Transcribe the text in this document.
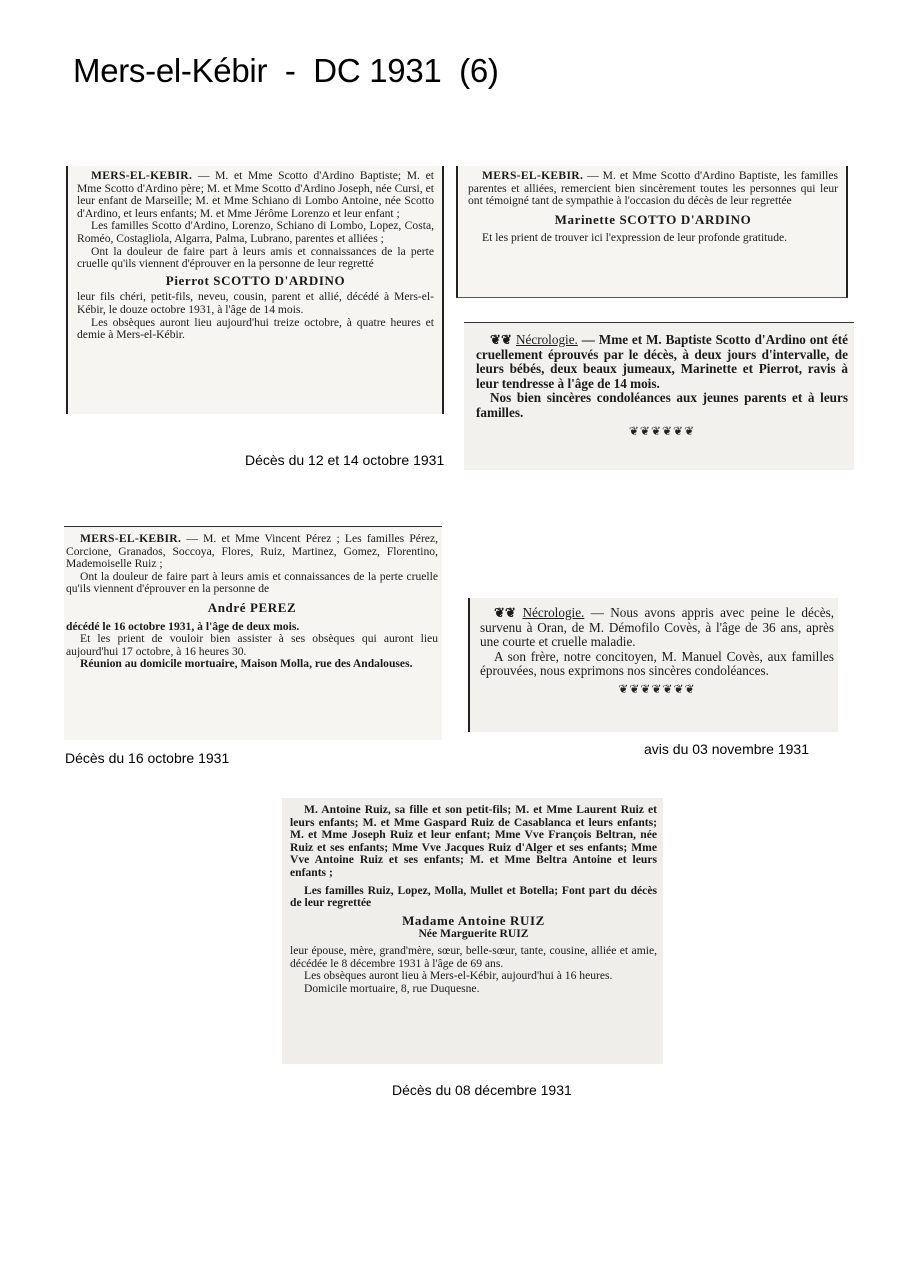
Mers-el-Kébir  -  DC 1931  (6)

MERS-EL-KEBIR. — M. et Mme Scotto d'Ardino Baptiste; M. et Mme Scotto d'Ardino père; M. et Mme Scotto d'Ardino Joseph, née Cursi, et leur enfant de Marseille; M. et Mme Schiano di Lombo Antoine, née Scotto d'Ardino, et leurs enfants; M. et Mme Jérôme Lorenzo et leur enfant ;

Les familles Scotto d'Ardino, Lorenzo, Schiano di Lombo, Lopez, Costa, Roméo, Costagliola, Algarra, Palma, Lubrano, parentes et alliées ;

Ont la douleur de faire part à leurs amis et connaissances de la perte cruelle qu'ils viennent d'éprouver en la personne de leur regretté

Pierrot SCOTTO D'ARDINO

leur fils chéri, petit-fils, neveu, cousin, parent et allié, décédé à Mers-el-Kébir, le douze octobre 1931, à l'âge de 14 mois.

Les obsèques auront lieu aujourd'hui treize octobre, à quatre heures et demie à Mers-el-Kébir.

MERS-EL-KEBIR. — M. et Mme Scotto d'Ardino Baptiste, les familles parentes et alliées, remercient bien sincèrement toutes les personnes qui leur ont témoigné tant de sympathie à l'occasion du décès de leur regrettée

Marinette SCOTTO D'ARDINO

Et les prient de trouver ici l'expression de leur profonde gratitude.

❦❦ Nécrologie. — Mme et M. Baptiste Scotto d'Ardino ont été cruellement éprouvés par le décès, à deux jours d'intervalle, de leurs bébés, deux beaux jumeaux, Marinette et Pierrot, ravis à leur tendresse à l'âge de 14 mois.

Nos bien sincères condoléances aux jeunes parents et à leurs familles.

❦❦❦❦❦❦
Décès du 12 et 14 octobre 1931

MERS-EL-KEBIR. — M. et Mme Vincent Pérez ; Les familles Pérez, Corcione, Granados, Soccoya, Flores, Ruiz, Martinez, Gomez, Florentino, Mademoiselle Ruiz ;

Ont la douleur de faire part à leurs amis et connaissances de la perte cruelle qu'ils viennent d'éprouver en la personne de

André PEREZ

décédé le 16 octobre 1931, à l'âge de deux mois.

Et les prient de vouloir bien assister à ses obsèques qui auront lieu aujourd'hui 17 octobre, à 16 heures 30.

Réunion au domicile mortuaire, Maison Molla, rue des Andalouses.

Décès du 16 octobre 1931

❦❦ Nécrologie. — Nous avons appris avec peine le décès, survenu à Oran, de M. Démofilo Covès, à l'âge de 36 ans, après une courte et cruelle maladie.

A son frère, notre concitoyen, M. Manuel Covès, aux familles éprouvées, nous exprimons nos sincères condoléances.

❦❦❦❦❦❦❦
avis du 03 novembre 1931

M. Antoine Ruiz, sa fille et son petit-fils; M. et Mme Laurent Ruiz et leurs enfants; M. et Mme Gaspard Ruiz de Casablanca et leurs enfants; M. et Mme Joseph Ruiz et leur enfant; Mme Vve François Beltran, née Ruiz et ses enfants; Mme Vve Jacques Ruiz d'Alger et ses enfants; Mme Vve Antoine Ruiz et ses enfants; M. et Mme Beltra Antoine et leurs enfants ;

Les familles Ruiz, Lopez, Molla, Mullet et Botella; Font part du décès de leur regrettée

Madame Antoine RUIZ

Née Marguerite RUIZ

leur épouse, mère, grand'mère, sœur, belle-sœur, tante, cousine, alliée et amie, décédée le 8 décembre 1931 à l'âge de 69 ans.

Les obsèques auront lieu à Mers-el-Kébir, aujourd'hui à 16 heures.

Domicile mortuaire, 8, rue Duquesne.

Décès du 08 décembre 1931
